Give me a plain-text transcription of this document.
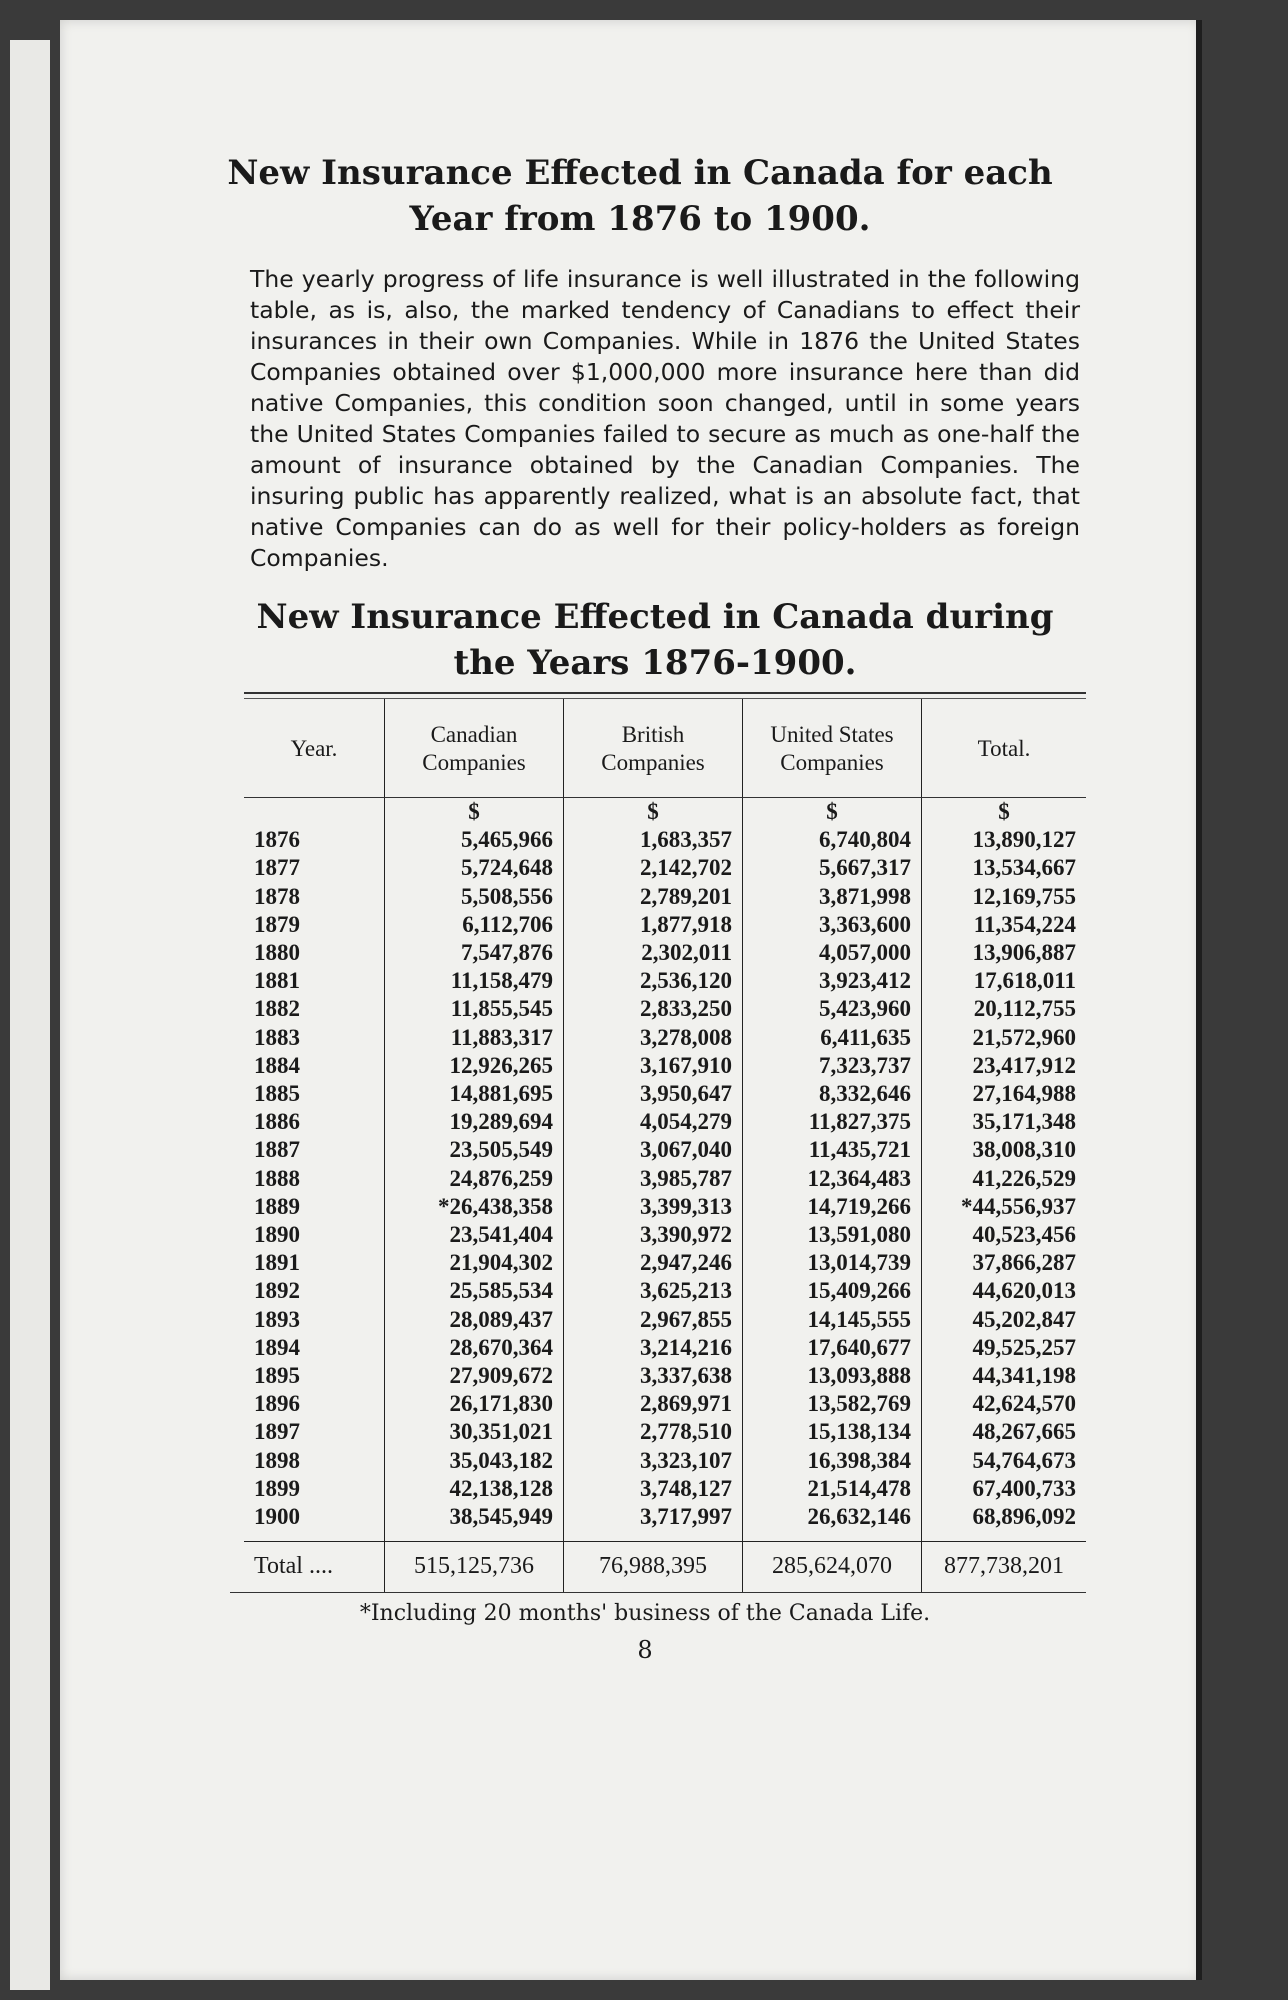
New Insurance Effected in Canada for each Year from 1876 to 1900.

The yearly progress of life insurance is well illustrated in the following table, as is, also, the marked tendency of Canadians to effect their insurances in their own Companies. While in 1876 the United States Companies obtained over $1,000,000 more insurance here than did native Companies, this condition soon changed, until in some years the United States Companies failed to secure as much as one-half the amount of insurance obtained by the Canadian Companies. The insuring public has apparently realized, what is an absolute fact, that native Companies can do as well for their policy-holders as foreign Companies.

New Insurance Effected in Canada during the Years 1876-1900.
Year.	Canadian Companies	British Companies	United States Companies	Total.

	$	$	$	$
1876	5,465,966	1,683,357	6,740,804	13,890,127
1877	5,724,648	2,142,702	5,667,317	13,534,667
1878	5,508,556	2,789,201	3,871,998	12,169,755
1879	6,112,706	1,877,918	3,363,600	11,354,224
1880	7,547,876	2,302,011	4,057,000	13,906,887
1881	11,158,479	2,536,120	3,923,412	17,618,011
1882	11,855,545	2,833,250	5,423,960	20,112,755
1883	11,883,317	3,278,008	6,411,635	21,572,960
1884	12,926,265	3,167,910	7,323,737	23,417,912
1885	14,881,695	3,950,647	8,332,646	27,164,988
1886	19,289,694	4,054,279	11,827,375	35,171,348
1887	23,505,549	3,067,040	11,435,721	38,008,310
1888	24,876,259	3,985,787	12,364,483	41,226,529
1889	*26,438,358	3,399,313	14,719,266	*44,556,937
1890	23,541,404	3,390,972	13,591,080	40,523,456
1891	21,904,302	2,947,246	13,014,739	37,866,287
1892	25,585,534	3,625,213	15,409,266	44,620,013
1893	28,089,437	2,967,855	14,145,555	45,202,847
1894	28,670,364	3,214,216	17,640,677	49,525,257
1895	27,909,672	3,337,638	13,093,888	44,341,198
1896	26,171,830	2,869,971	13,582,769	42,624,570
1897	30,351,021	2,778,510	15,138,134	48,267,665
1898	35,043,182	3,323,107	16,398,384	54,764,673
1899	42,138,128	3,748,127	21,514,478	67,400,733
1900	38,545,949	3,717,997	26,632,146	68,896,092

Total ....	515,125,736	76,988,395	285,624,070	877,738,201
*Including 20 months' business of the Canada Life.
8
